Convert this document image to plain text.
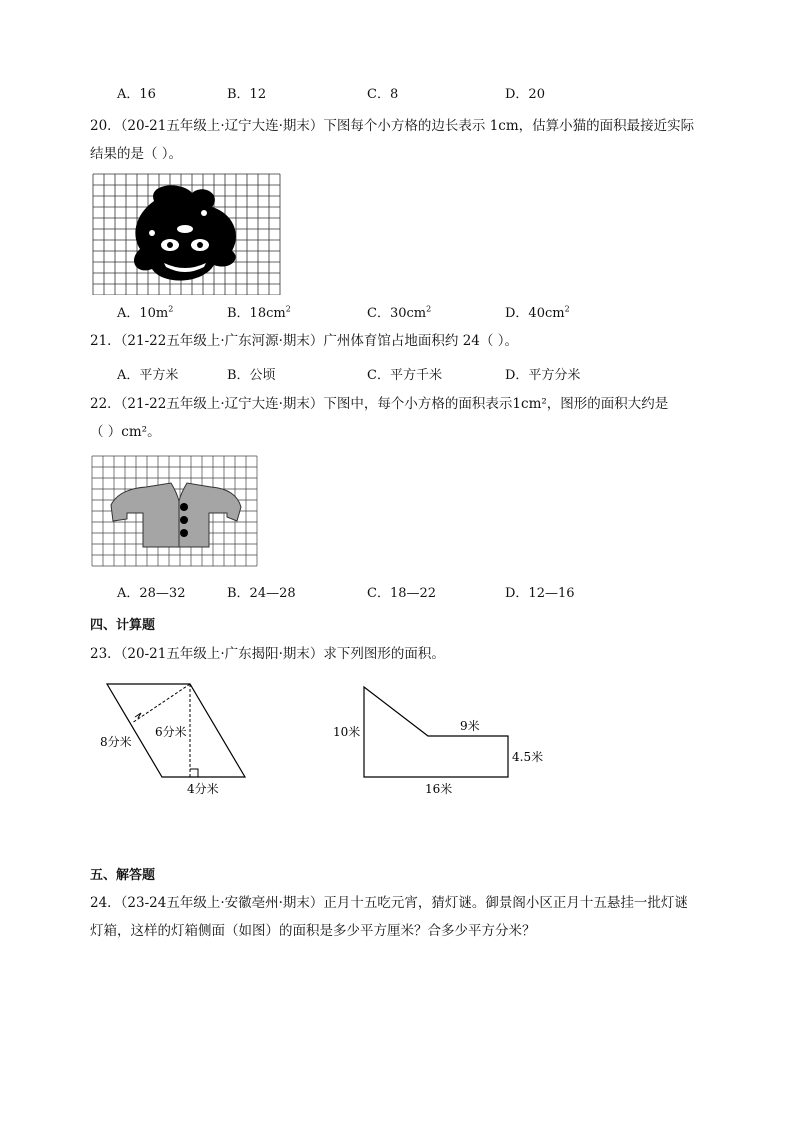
A．16	B．12	C．8	D．20
20．（20-21五年级上·辽宁大连·期末）下图每个小方格的边长表示 1cm，估算小猫的面积最接近实际
结果的是（ ）。
A．$10m^2$	B．$18cm^2$	C．$30cm^2$	D．$40cm^2$
21．（21-22五年级上·广东河源·期末）广州体育馆占地面积约 24（ ）。
A．平方米	B．公顷	C．平方千米	D．平方分米
22．（21-22五年级上·辽宁大连·期末）下图中，每个小方格的面积表示1cm²，图形的面积大约是
（ ）cm²。
A．28—32	B．24—28	C．18—22	D．12—16
四、计算题
23．（20-21五年级上·广东揭阳·期末）求下列图形的面积。
8分米
6分米
4分米
10米	9米
4.5米
16米
五、解答题
24．（23-24五年级上·安徽亳州·期末）正月十五吃元宵，猜灯谜。御景阁小区正月十五悬挂一批灯谜
灯箱，这样的灯箱侧面（如图）的面积是多少平方厘米？合多少平方分米？
